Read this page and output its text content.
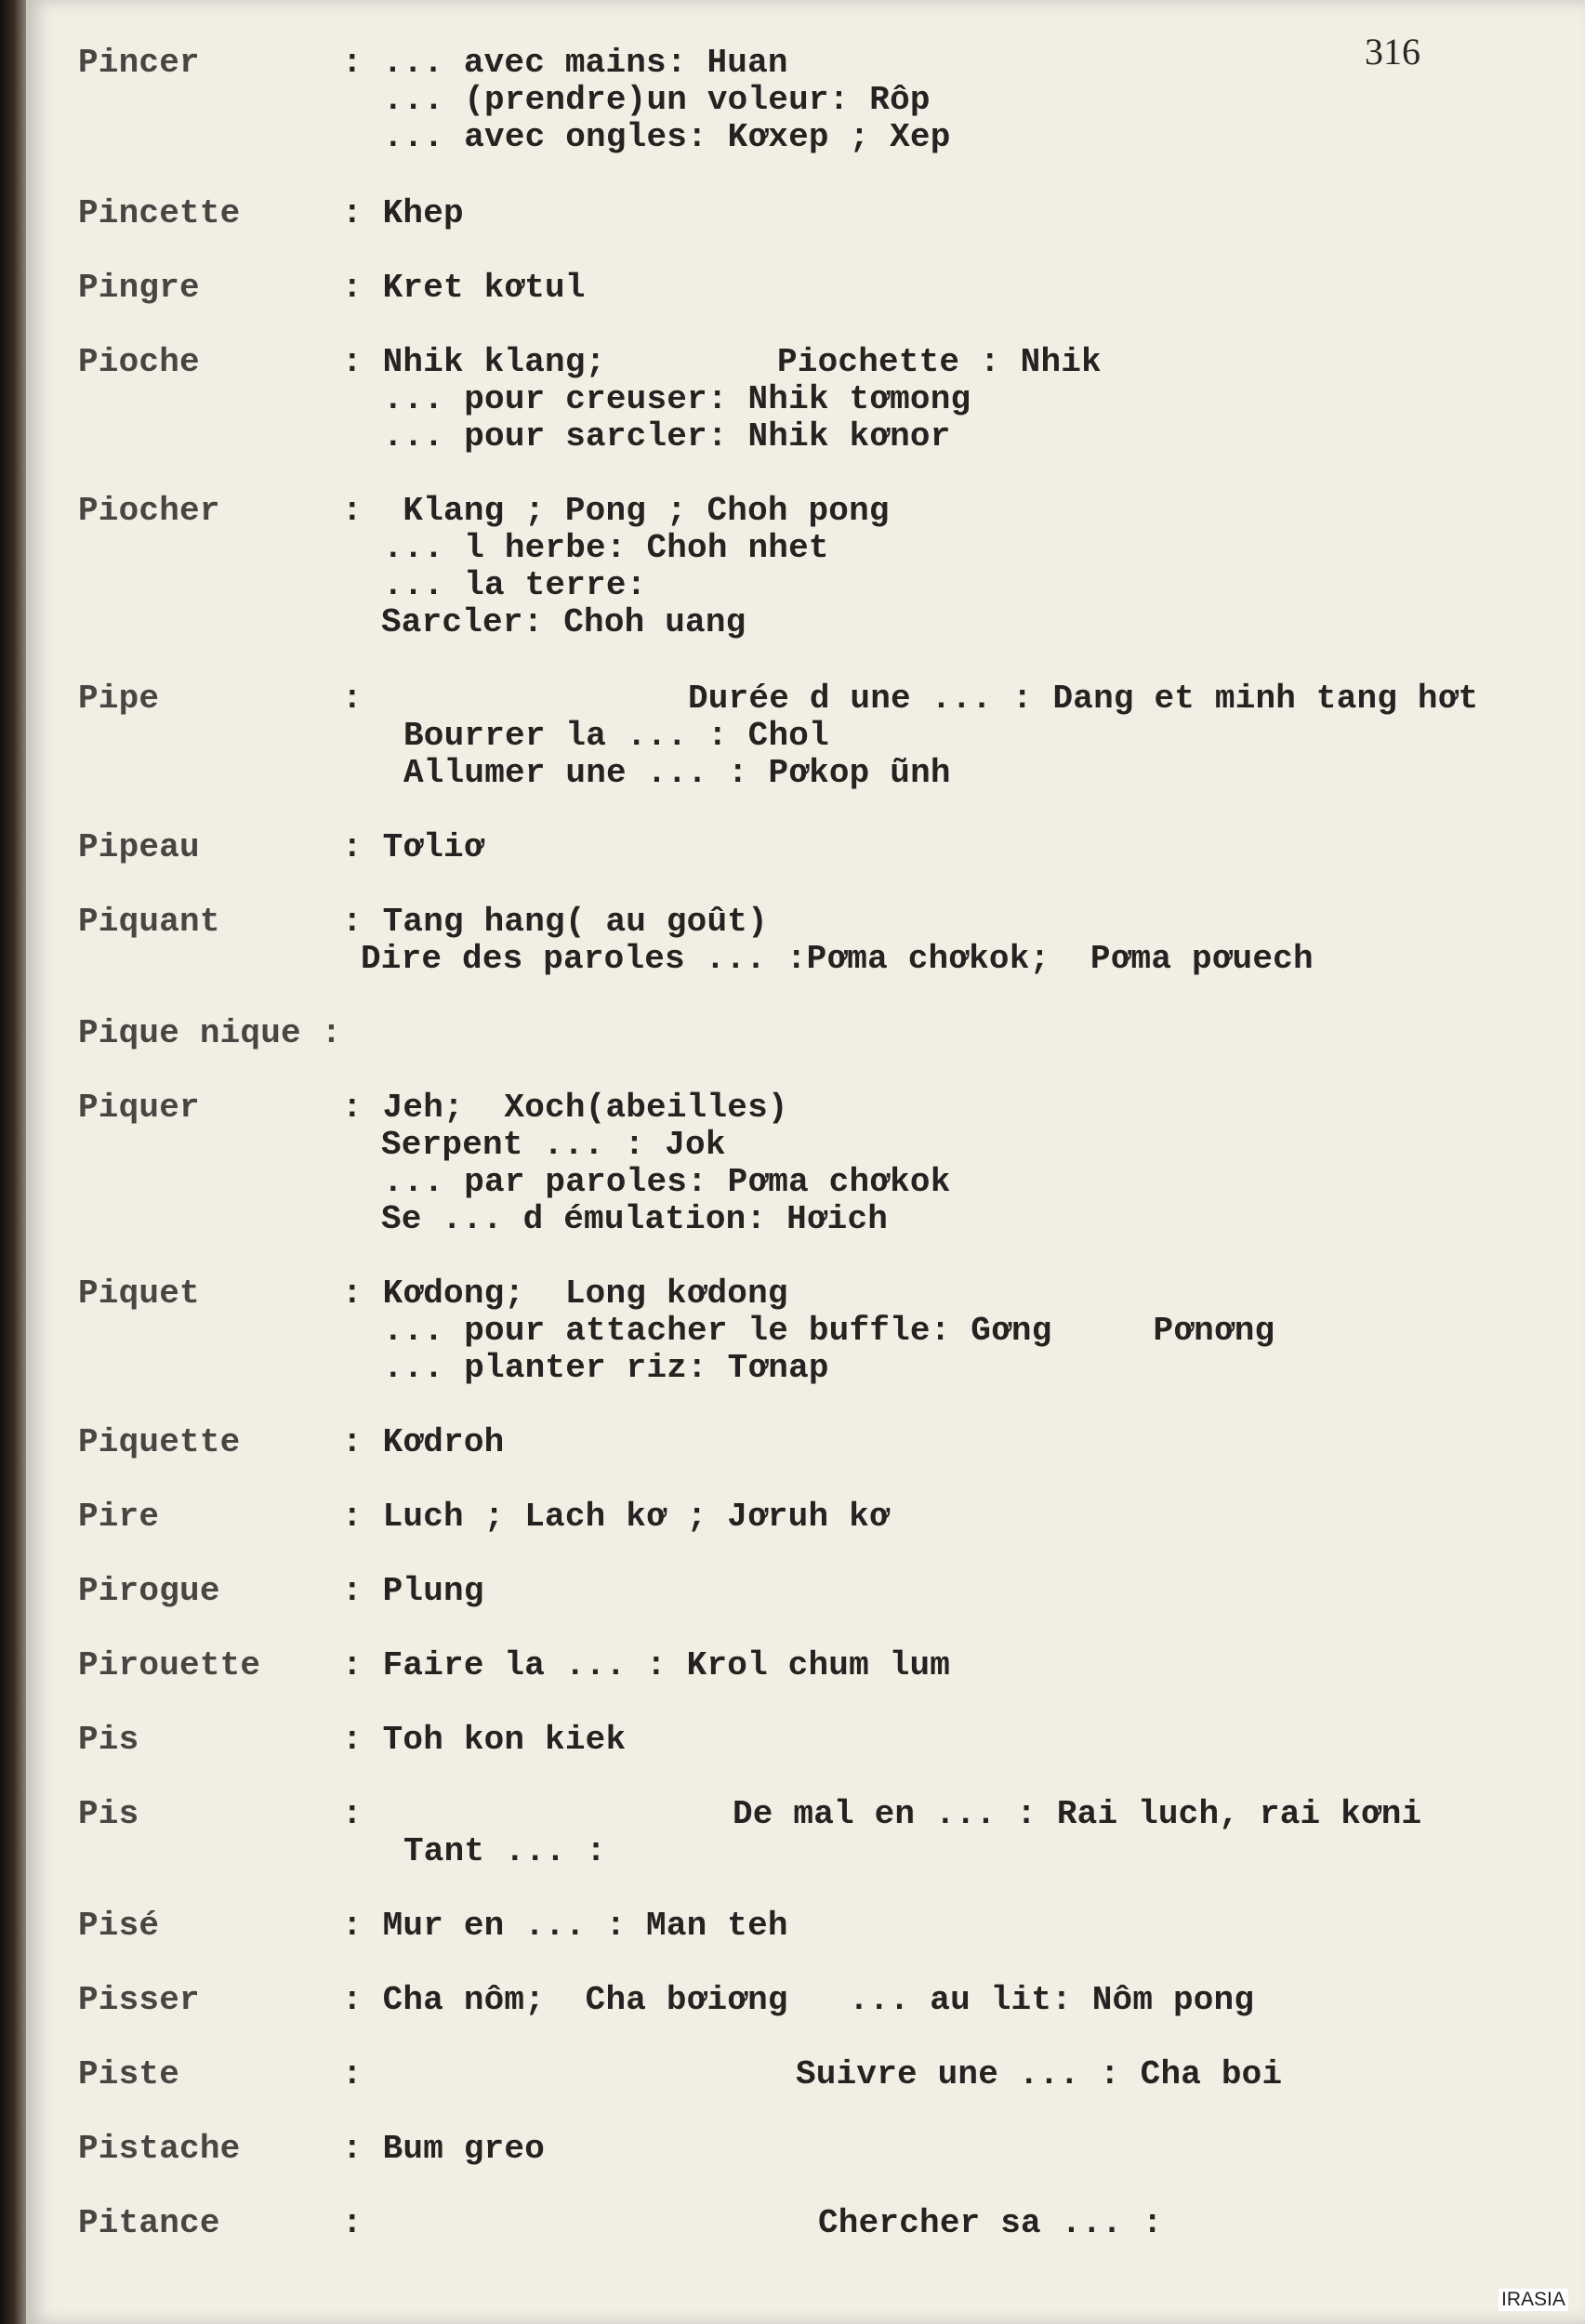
316
Pincer	: ... avec mains: Huan
... (prendre)un voleur: Rôp
... avec ongles: Kơxep ; Xep
Pincette	: Khep
Pingre	: Kret kơtul
Pioche	: Nhik klang;	Piochette : Nhik
... pour creuser: Nhik tơmong
... pour sarcler: Nhik kơnor
Piocher	:  Klang ; Pong ; Choh pong
... l herbe: Choh nhet
... la terre:
Sarcler: Choh uang
Pipe	:	Durée d une ... : Dang et minh tang hơt
Bourrer la ... : Chol
Allumer une ... : Pơkop ũnh
Pipeau	: Tơliơ
Piquant	: Tang hang( au goût)
Dire des paroles ... :Pơma chơkok;  Pơma pơuech
Pique nique :
Piquer	: Jeh;  Xoch(abeilles)
Serpent ... : Jok
... par paroles: Pơma chơkok
Se ... d émulation: Hơich
Piquet	: Kơdong;  Long kơdong
... pour attacher le buffle: Gơng     Pơnơng
... planter riz: Tơnap
Piquette	: Kơdroh
Pire	: Luch ; Lach kơ ; Jơruh kơ
Pirogue	: Plung
Pirouette : Faire la ... : Krol chum lum
Pis	: Toh kon kiek
Pis	:	De mal en ... : Rai luch, rai kơni
Tant ... :
Pisé	: Mur en ... : Man teh
Pisser	: Cha nôm;  Cha bơiơng   ... au lit: Nôm pong
Piste	:	Suivre une ... : Cha boi
Pistache	: Bum greo
Pitance	:	Chercher sa ... :
IRASIA
